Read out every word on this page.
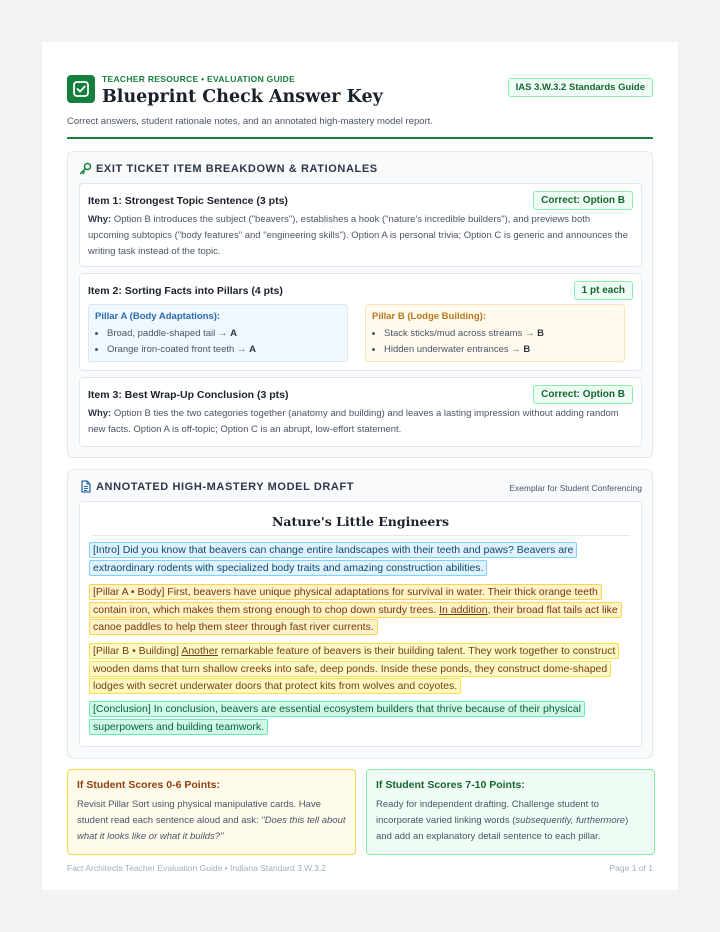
TEACHER RESOURCE • EVALUATION GUIDE
Blueprint Check Answer Key	IAS 3.W.3.2 Standards Guide
Correct answers, student rationale notes, and an annotated high-mastery model report.
EXIT TICKET ITEM BREAKDOWN & RATIONALES
Item 1: Strongest Topic Sentence (3 pts)	Correct: Option B
Why: Option B introduces the subject ("beavers"), establishes a hook ("nature's incredible builders"), and previews both upcoming subtopics ("body features" and "engineering skills"). Option A is personal trivia; Option C is generic and announces the writing task instead of the topic.
Item 2: Sorting Facts into Pillars (4 pts)	1 pt each
Pillar A (Body Adaptations):
• Broad, paddle-shaped tail → A
• Orange iron-coated front teeth → A
Pillar B (Lodge Building):
• Stack sticks/mud across streams → B
• Hidden underwater entrances → B
Item 3: Best Wrap-Up Conclusion (3 pts)	Correct: Option B
Why: Option B ties the two categories together (anatomy and building) and leaves a lasting impression without adding random new facts. Option A is off-topic; Option C is an abrupt, low-effort statement.
ANNOTATED HIGH-MASTERY MODEL DRAFT	Exemplar for Student Conferencing
Nature's Little Engineers
[Intro] Did you know that beavers can change entire landscapes with their teeth and paws? Beavers are extraordinary rodents with specialized body traits and amazing construction abilities.
[Pillar A • Body] First, beavers have unique physical adaptations for survival in water. Their thick orange teeth contain iron, which makes them strong enough to chop down sturdy trees. In addition, their broad flat tails act like canoe paddles to help them steer through fast river currents.
[Pillar B • Building] Another remarkable feature of beavers is their building talent. They work together to construct wooden dams that turn shallow creeks into safe, deep ponds. Inside these ponds, they construct dome-shaped lodges with secret underwater doors that protect kits from wolves and coyotes.
[Conclusion] In conclusion, beavers are essential ecosystem builders that thrive because of their physical superpowers and building teamwork.
If Student Scores 0-6 Points:
Revisit Pillar Sort using physical manipulative cards. Have student read each sentence aloud and ask: "Does this tell about what it looks like or what it builds?"
If Student Scores 7-10 Points:
Ready for independent drafting. Challenge student to incorporate varied linking words (subsequently, furthermore) and add an explanatory detail sentence to each pillar.
Fact Architects Teacher Evaluation Guide • Indiana Standard 3.W.3.2	Page 1 of 1
